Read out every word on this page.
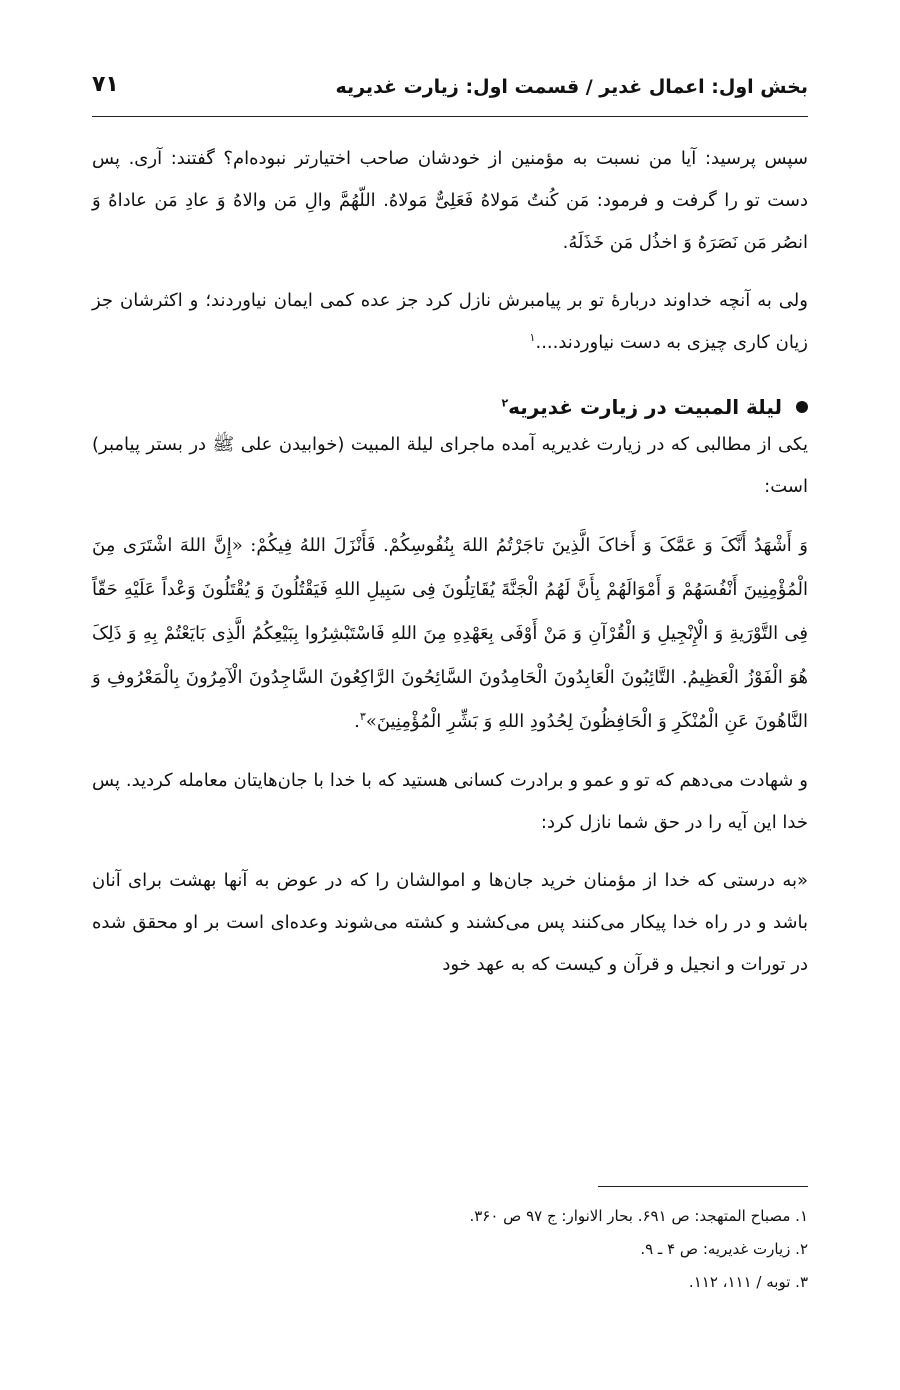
بخش اول: اعمال غدیر / قسمت اول: زیارت غدیریه
۷۱

سپس پرسید: آیا من نسبت به مؤمنین از خودشان صاحب اختیارتر نبوده‌ام؟ گفتند: آری. پس دست تو را گرفت و فرمود: مَن کُنتُ مَولاهُ فَعَلِیٌّ مَولاهُ. اللّهُمَّ والِ مَن والاهُ وَ عادِ مَن عاداهُ وَ انصُر مَن نَصَرَهُ وَ اخذُل مَن خَذَلَهُ.

ولی به آنچه خداوند دربارهٔ تو بر پیامبرش نازل کرد جز عده کمی ایمان نیاوردند؛ و اکثرشان جز زیان کاری چیزی به دست نیاوردند....$^۱$

لیلة المبیت در زیارت غدیریه$^۲$

یکی از مطالبی که در زیارت غدیریه آمده ماجرای لیلة المبیت (خوابیدن علی ﷺ در بستر پیامبر) است:

وَ أَشْهَدُ أَنَّکَ وَ عَمَّکَ وَ أَخاکَ الَّذِینَ تاجَرْتُمُ اللهَ بِنُفُوسِکُمْ. فَأَنْزَلَ اللهُ فِیکُمْ: «إِنَّ اللهَ اشْتَرَی مِنَ الْمُؤْمِنِینَ أَنْفُسَهُمْ وَ أَمْوَالَهُمْ بِأَنَّ لَهُمُ الْجَنَّةَ یُقَاتِلُونَ فِی سَبِیلِ اللهِ فَیَقْتُلُونَ وَ یُقْتَلُونَ وَعْداً عَلَیْهِ حَقّاً فِی التَّوْرَیةِ وَ الْإِنْجِیلِ وَ الْقُرْآنِ وَ مَنْ أَوْفَی بِعَهْدِهِ مِنَ اللهِ فَاسْتَبْشِرُوا بِبَیْعِکُمُ الَّذِی بَایَعْتُمْ بِهِ وَ ذَلِکَ هُوَ الْفَوْزُ الْعَظِیمُ. التَّائِبُونَ الْعَابِدُونَ الْحَامِدُونَ السَّائِحُونَ الرَّاکِعُونَ السَّاجِدُونَ الْآمِرُونَ بِالْمَعْرُوفِ وَ النَّاهُونَ عَنِ الْمُنْکَرِ وَ الْحَافِظُونَ لِحُدُودِ اللهِ وَ بَشِّرِ الْمُؤْمِنِینَ»$^۳$.

و شهادت می‌دهم که تو و عمو و برادرت کسانی هستید که با خدا با جان‌هایتان معامله کردید. پس خدا این آیه را در حق شما نازل کرد:

«به درستی که خدا از مؤمنان خرید جان‌ها و اموالشان را که در عوض به آنها بهشت برای آنان باشد و در راه خدا پیکار می‌کنند پس می‌کشند و کشته می‌شوند وعده‌ای است بر او محقق شده در تورات و انجیل و قرآن و کیست که به عهد خود

۱. مصباح المتهجد: ص ۶۹۱. بحار الانوار: ج ۹۷ ص ۳۶۰.

۲. زیارت غدیریه: ص ۴ ـ ۹.

۳. توبه / ۱۱۱، ۱۱۲.
